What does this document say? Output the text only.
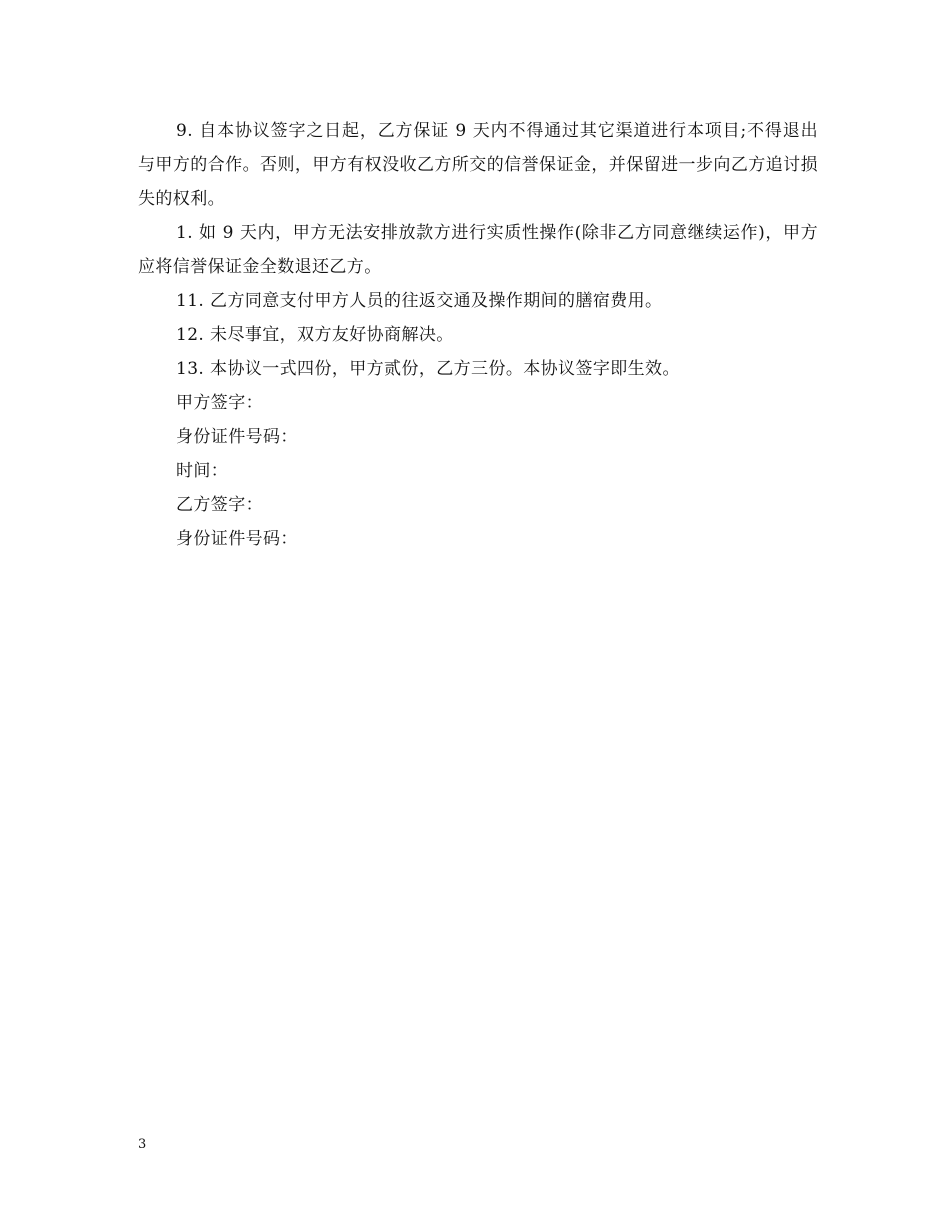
9. 自本协议签字之日起，乙方保证 9 天内不得通过其它渠道进行本项目;不得退出与甲方的合作。否则，甲方有权没收乙方所交的信誉保证金，并保留进一步向乙方追讨损失的权利。

1. 如 9 天内，甲方无法安排放款方进行实质性操作(除非乙方同意继续运作)，甲方应将信誉保证金全数退还乙方。

11. 乙方同意支付甲方人员的往返交通及操作期间的膳宿费用。

12. 未尽事宜，双方友好协商解决。

13. 本协议一式四份，甲方贰份，乙方三份。本协议签字即生效。

甲方签字：

身份证件号码：

时间：

乙方签字：

身份证件号码：

3
